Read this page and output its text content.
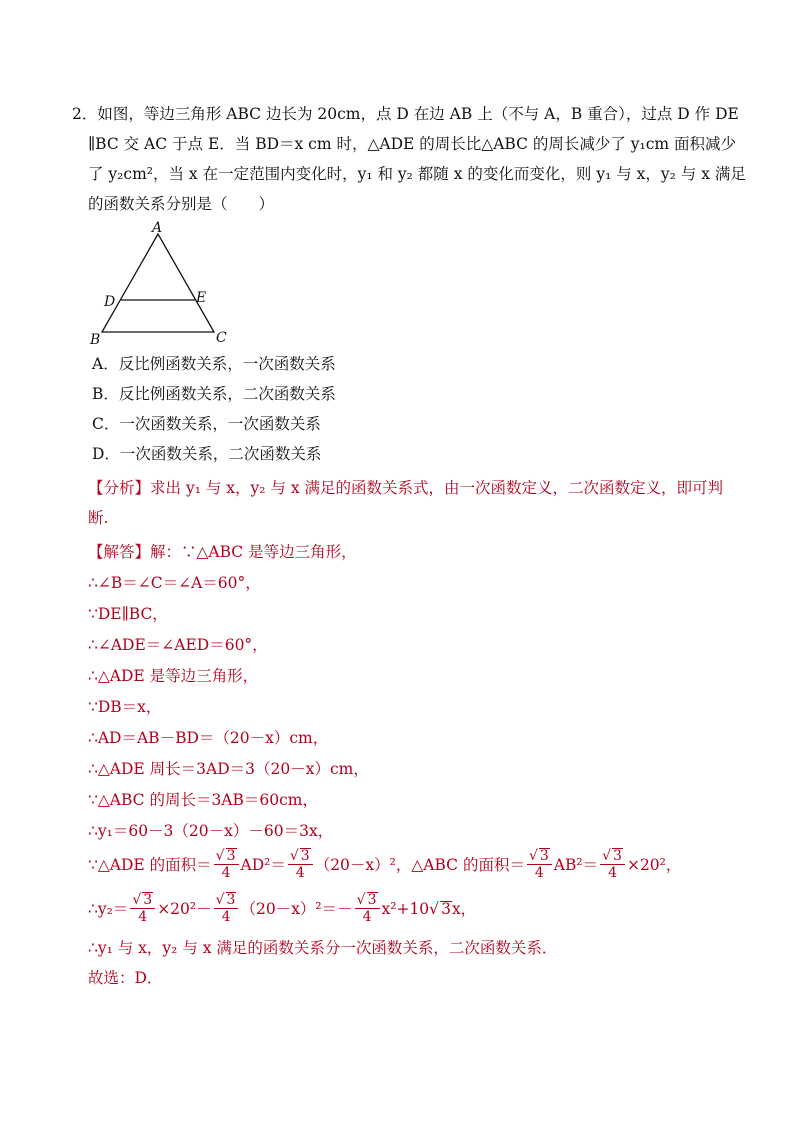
2．如图，等边三角形 ABC 边长为 20cm，点 D 在边 AB 上（不与 A，B 重合），过点 D 作 DE
∥BC 交 AC 于点 E．当 BD＝x cm 时，△ADE 的周长比△ABC 的周长减少了 y₁cm 面积减少
了 y₂cm²，当 x 在一定范围内变化时，y₁ 和 y₂ 都随 x 的变化而变化，则 y₁ 与 x，y₂ 与 x 满足
的函数关系分别是（　　）
A
B	C
D	E
A．反比例函数关系，一次函数关系
B．反比例函数关系，二次函数关系
C．一次函数关系，一次函数关系
D．一次函数关系，二次函数关系
【分析】求出 y₁ 与 x，y₂ 与 x 满足的函数关系式，由一次函数定义，二次函数定义，即可判
断.
【解答】解：∵△ABC 是等边三角形，
∴∠B＝∠C＝∠A＝60°，
∵DE∥BC，
∴∠ADE＝∠AED＝60°，
∴△ADE 是等边三角形，
∵DB＝x，
∴AD＝AB－BD＝（20－x）cm，
∴△ADE 周长＝3AD＝3（20－x）cm，
∵△ABC 的周长＝3AB＝60cm，
∴y₁＝60－3（20－x）－60＝3x，
∵△ADE 的面积＝ $\frac{√ 3}{4} AD^2= \frac{√ 3}{4} (20-x)^2$，△ABC 的面积＝ $\frac{√ 3}{4} AB^2= \frac{√ 3}{4} \times 20^2$，
∴y₂＝ $\frac{√ 3}{4} \times 20^2- \frac{√ 3}{4} (20-x)^2=- \frac{√ 3}{4} x^2+10$ √ 3 x，
∴y₁ 与 x，y₂ 与 x 满足的函数关系分一次函数关系，二次函数关系．
故选：D．
